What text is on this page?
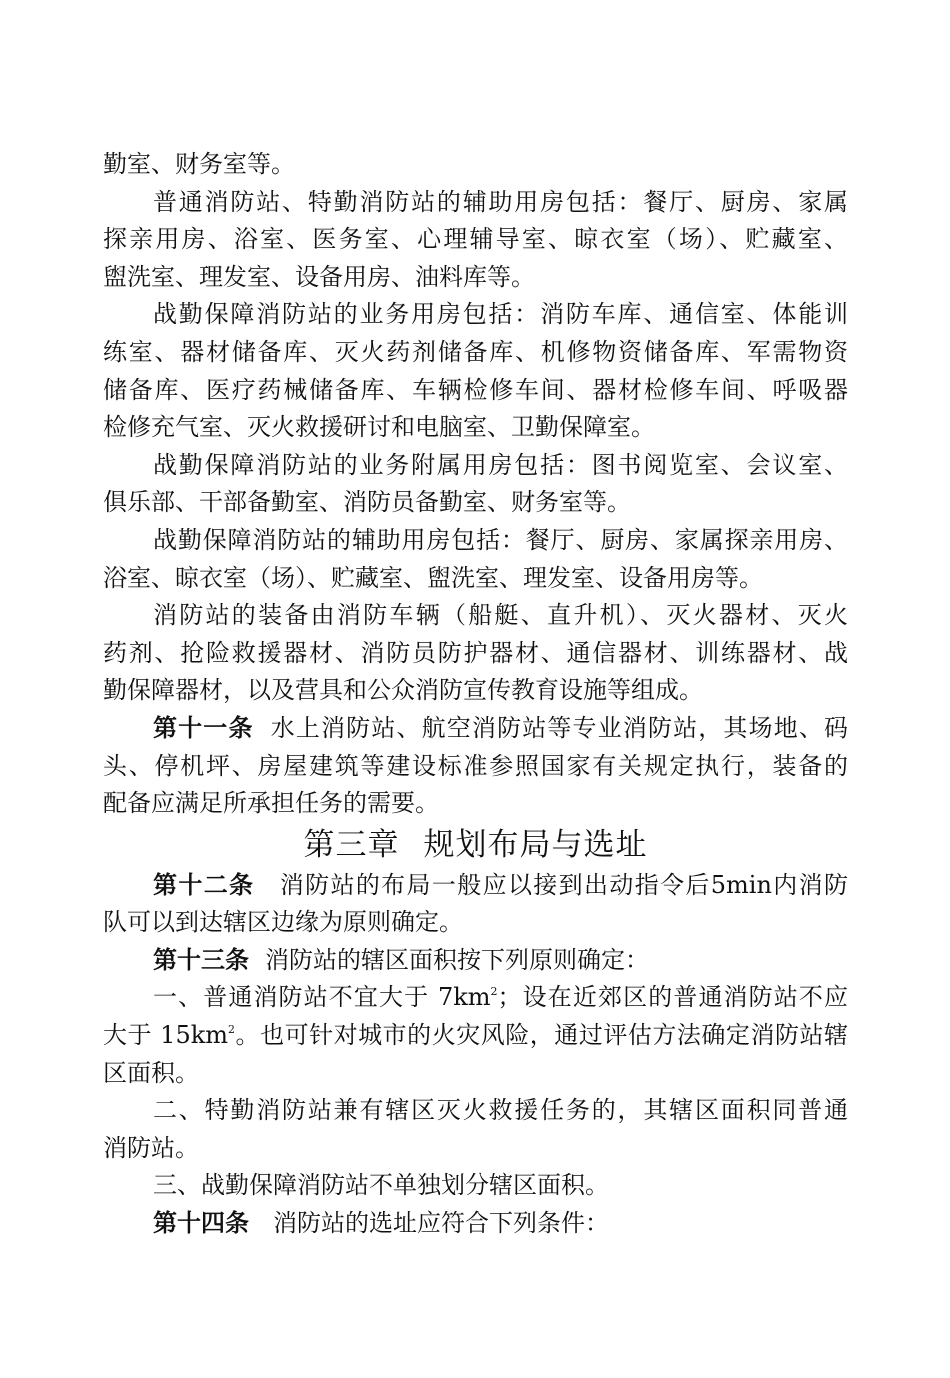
勤室、财务室等。
普通消防站、特勤消防站的辅助用房包括：餐厅、厨房、家属
探亲用房、浴室、医务室、心理辅导室、晾衣室（场）、贮藏室、
盥洗室、理发室、设备用房、油料库等。
战勤保障消防站的业务用房包括：消防车库、通信室、体能训
练室、器材储备库、灭火药剂储备库、机修物资储备库、军需物资
储备库、医疗药械储备库、车辆检修车间、器材检修车间、呼吸器
检修充气室、灭火救援研讨和电脑室、卫勤保障室。
战勤保障消防站的业务附属用房包括：图书阅览室、会议室、
俱乐部、干部备勤室、消防员备勤室、财务室等。
战勤保障消防站的辅助用房包括：餐厅、厨房、家属探亲用房、
浴室、晾衣室（场）、贮藏室、盥洗室、理发室、设备用房等。
消防站的装备由消防车辆（船艇、直升机）、灭火器材、灭火
药剂、抢险救援器材、消防员防护器材、通信器材、训练器材、战
勤保障器材，以及营具和公众消防宣传教育设施等组成。
第十一条 水上消防站、航空消防站等专业消防站，其场地、码
头、停机坪、房屋建筑等建设标准参照国家有关规定执行，装备的
配备应满足所承担任务的需要。
第三章 规划布局与选址
第十二条 消防站的布局一般应以接到出动指令后5min内消防
队可以到达辖区边缘为原则确定。
第十三条 消防站的辖区面积按下列原则确定：
一、普通消防站不宜大于 $7km^2$；设在近郊区的普通消防站不应
大于 $15km^2$。也可针对城市的火灾风险，通过评估方法确定消防站辖
区面积。
二、特勤消防站兼有辖区灭火救援任务的，其辖区面积同普通
消防站。
三、战勤保障消防站不单独划分辖区面积。
第十四条 消防站的选址应符合下列条件：
